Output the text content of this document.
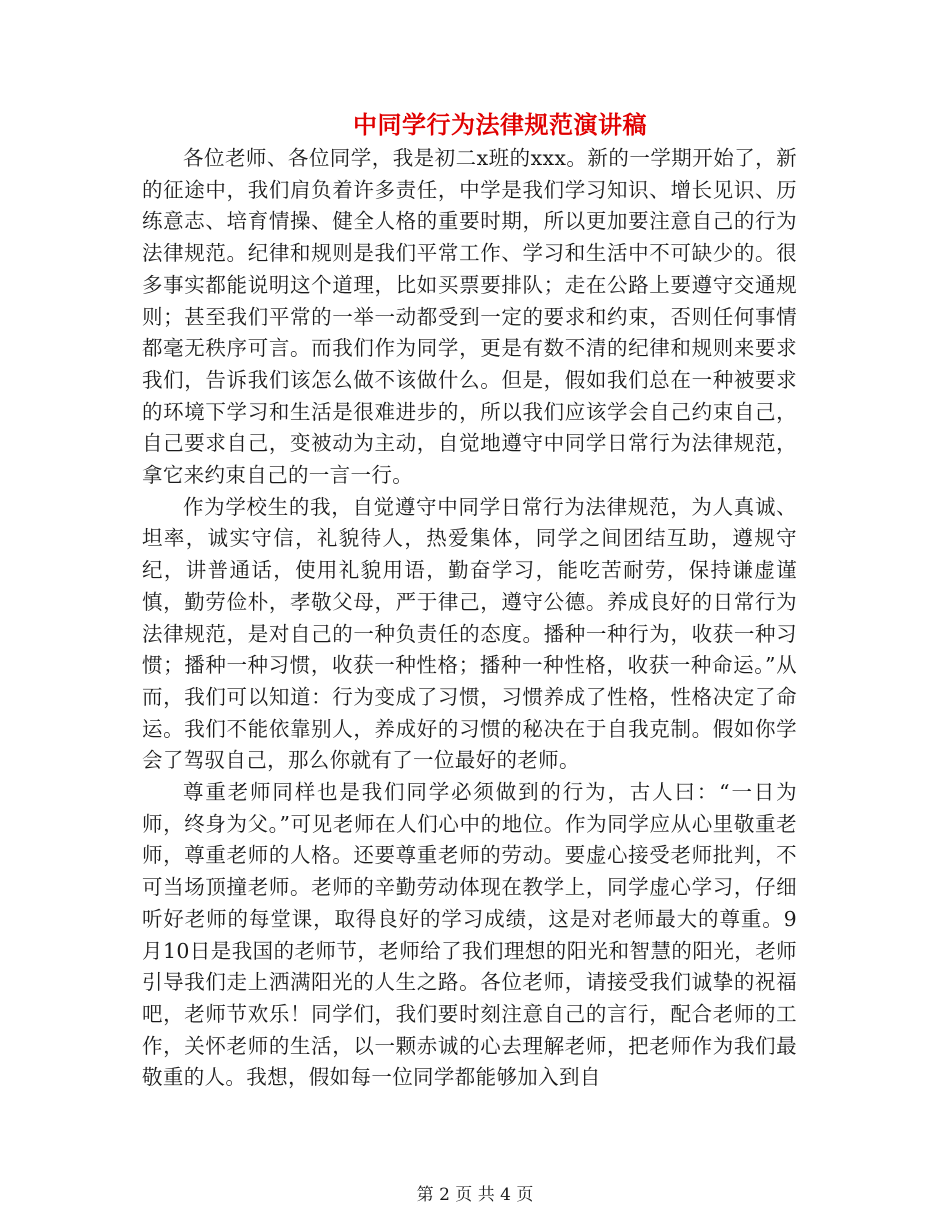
中同学行为法律规范演讲稿

各位老师、各位同学，我是初二x班的xxx。新的一学期开始了，新的征途中，我们肩负着许多责任，中学是我们学习知识、增长见识、历练意志、培育情操、健全人格的重要时期，所以更加要注意自己的行为法律规范。纪律和规则是我们平常工作、学习和生活中不可缺少的。很多事实都能说明这个道理，比如买票要排队；走在公路上要遵守交通规则；甚至我们平常的一举一动都受到一定的要求和约束，否则任何事情都毫无秩序可言。而我们作为同学，更是有数不清的纪律和规则来要求我们，告诉我们该怎么做不该做什么。但是，假如我们总在一种被要求的环境下学习和生活是很难进步的，所以我们应该学会自己约束自己，自己要求自己，变被动为主动，自觉地遵守中同学日常行为法律规范，拿它来约束自己的一言一行。

作为学校生的我，自觉遵守中同学日常行为法律规范，为人真诚、坦率，诚实守信，礼貌待人，热爱集体，同学之间团结互助，遵规守纪，讲普通话，使用礼貌用语，勤奋学习，能吃苦耐劳，保持谦虚谨慎，勤劳俭朴，孝敬父母，严于律己，遵守公德。养成良好的日常行为法律规范，是对自己的一种负责任的态度。播种一种行为，收获一种习惯；播种一种习惯，收获一种性格；播种一种性格，收获一种命运。”从而，我们可以知道：行为变成了习惯，习惯养成了性格，性格决定了命运。我们不能依靠别人，养成好的习惯的秘决在于自我克制。假如你学会了驾驭自己，那么你就有了一位最好的老师。

尊重老师同样也是我们同学必须做到的行为，古人曰：“一日为师，终身为父。”可见老师在人们心中的地位。作为同学应从心里敬重老师，尊重老师的人格。还要尊重老师的劳动。要虚心接受老师批判，不可当场顶撞老师。老师的辛勤劳动体现在教学上，同学虚心学习，仔细听好老师的每堂课，取得良好的学习成绩，这是对老师最大的尊重。9月10日是我国的老师节，老师给了我们理想的阳光和智慧的阳光，老师引导我们走上洒满阳光的人生之路。各位老师，请接受我们诚挚的祝福吧，老师节欢乐！同学们，我们要时刻注意自己的言行，配合老师的工作，关怀老师的生活，以一颗赤诚的心去理解老师，把老师作为我们最敬重的人。我想，假如每一位同学都能够加入到自

第 2 页 共 4 页
